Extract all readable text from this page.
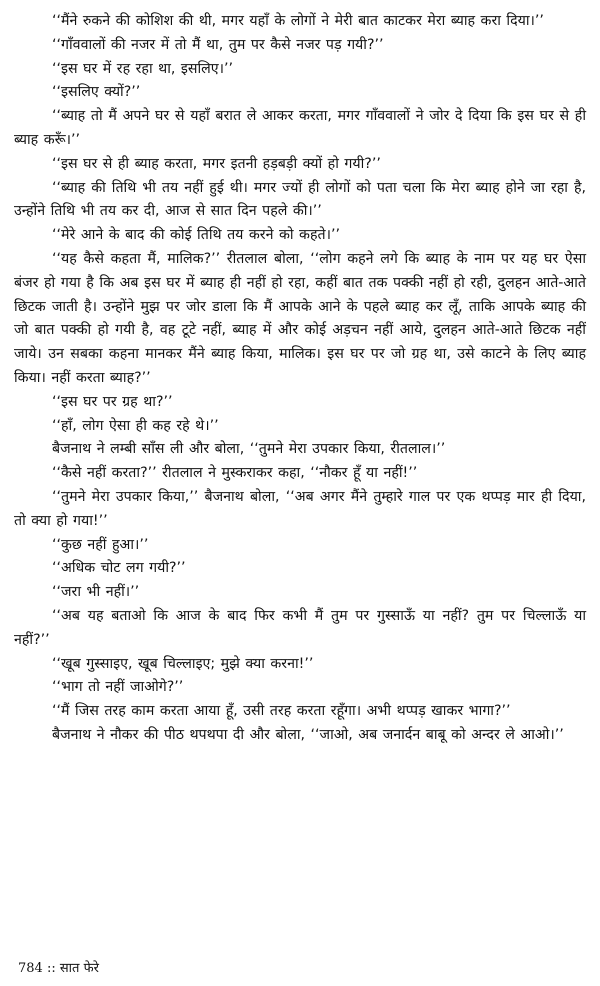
‘‘मैंने रुकने की कोशिश की थी, मगर यहाँ के लोगों ने मेरी बात काटकर मेरा ब्याह करा दिया।’’

‘‘गाँववालों की नजर में तो मैं था, तुम पर कैसे नजर पड़ गयी?’’

‘‘इस घर में रह रहा था, इसलिए।’’

‘‘इसलिए क्यों?’’

‘‘ब्याह तो मैं अपने घर से यहाँ बरात ले आकर करता, मगर गाँववालों ने जोर दे दिया कि इस घर से ही ब्याह करूँ।’’

‘‘इस घर से ही ब्याह करता, मगर इतनी हड़बड़ी क्यों हो गयी?’’

‘‘ब्याह की तिथि भी तय नहीं हुई थी। मगर ज्यों ही लोगों को पता चला कि मेरा ब्याह होने जा रहा है, उन्होंने तिथि भी तय कर दी, आज से सात दिन पहले की।’’

‘‘मेरे आने के बाद की कोई तिथि तय करने को कहते।’’

‘‘यह कैसे कहता मैं, मालिक?’’ रीतलाल बोला, ‘‘लोग कहने लगे कि ब्याह के नाम पर यह घर ऐसा बंजर हो गया है कि अब इस घर में ब्याह ही नहीं हो रहा, कहीं बात तक पक्की नहीं हो रही, दुलहन आते-आते छिटक जाती है। उन्होंने मुझ पर जोर डाला कि मैं आपके आने के पहले ब्याह कर लूँ, ताकि आपके ब्याह की जो बात पक्की हो गयी है, वह टूटे नहीं, ब्याह में और कोई अड़चन नहीं आये, दुलहन आते-आते छिटक नहीं जाये। उन सबका कहना मानकर मैंने ब्याह किया, मालिक। इस घर पर जो ग्रह था, उसे काटने के लिए ब्याह किया। नहीं करता ब्याह?’’

‘‘इस घर पर ग्रह था?’’

‘‘हाँ, लोग ऐसा ही कह रहे थे।’’

बैजनाथ ने लम्बी साँस ली और बोला, ‘‘तुमने मेरा उपकार किया, रीतलाल।’’

‘‘कैसे नहीं करता?’’ रीतलाल ने मुस्कराकर कहा, ‘‘नौकर हूँ या नहीं!’’

‘‘तुमने मेरा उपकार किया,’’ बैजनाथ बोला, ‘‘अब अगर मैंने तुम्हारे गाल पर एक थप्पड़ मार ही दिया, तो क्या हो गया!’’

‘‘कुछ नहीं हुआ।’’

‘‘अधिक चोट लग गयी?’’

‘‘जरा भी नहीं।’’

‘‘अब यह बताओ कि आज के बाद फिर कभी मैं तुम पर गुस्साऊँ या नहीं? तुम पर चिल्लाऊँ या नहीं?’’

‘‘खूब गुस्साइए, खूब चिल्लाइए; मुझे क्या करना!’’

‘‘भाग तो नहीं जाओगे?’’

‘‘मैं जिस तरह काम करता आया हूँ, उसी तरह करता रहूँगा। अभी थप्पड़ खाकर भागा?’’

बैजनाथ ने नौकर की पीठ थपथपा दी और बोला, ‘‘जाओ, अब जनार्दन बाबू को अन्दर ले आओ।’’

784 :: सात फेरे
